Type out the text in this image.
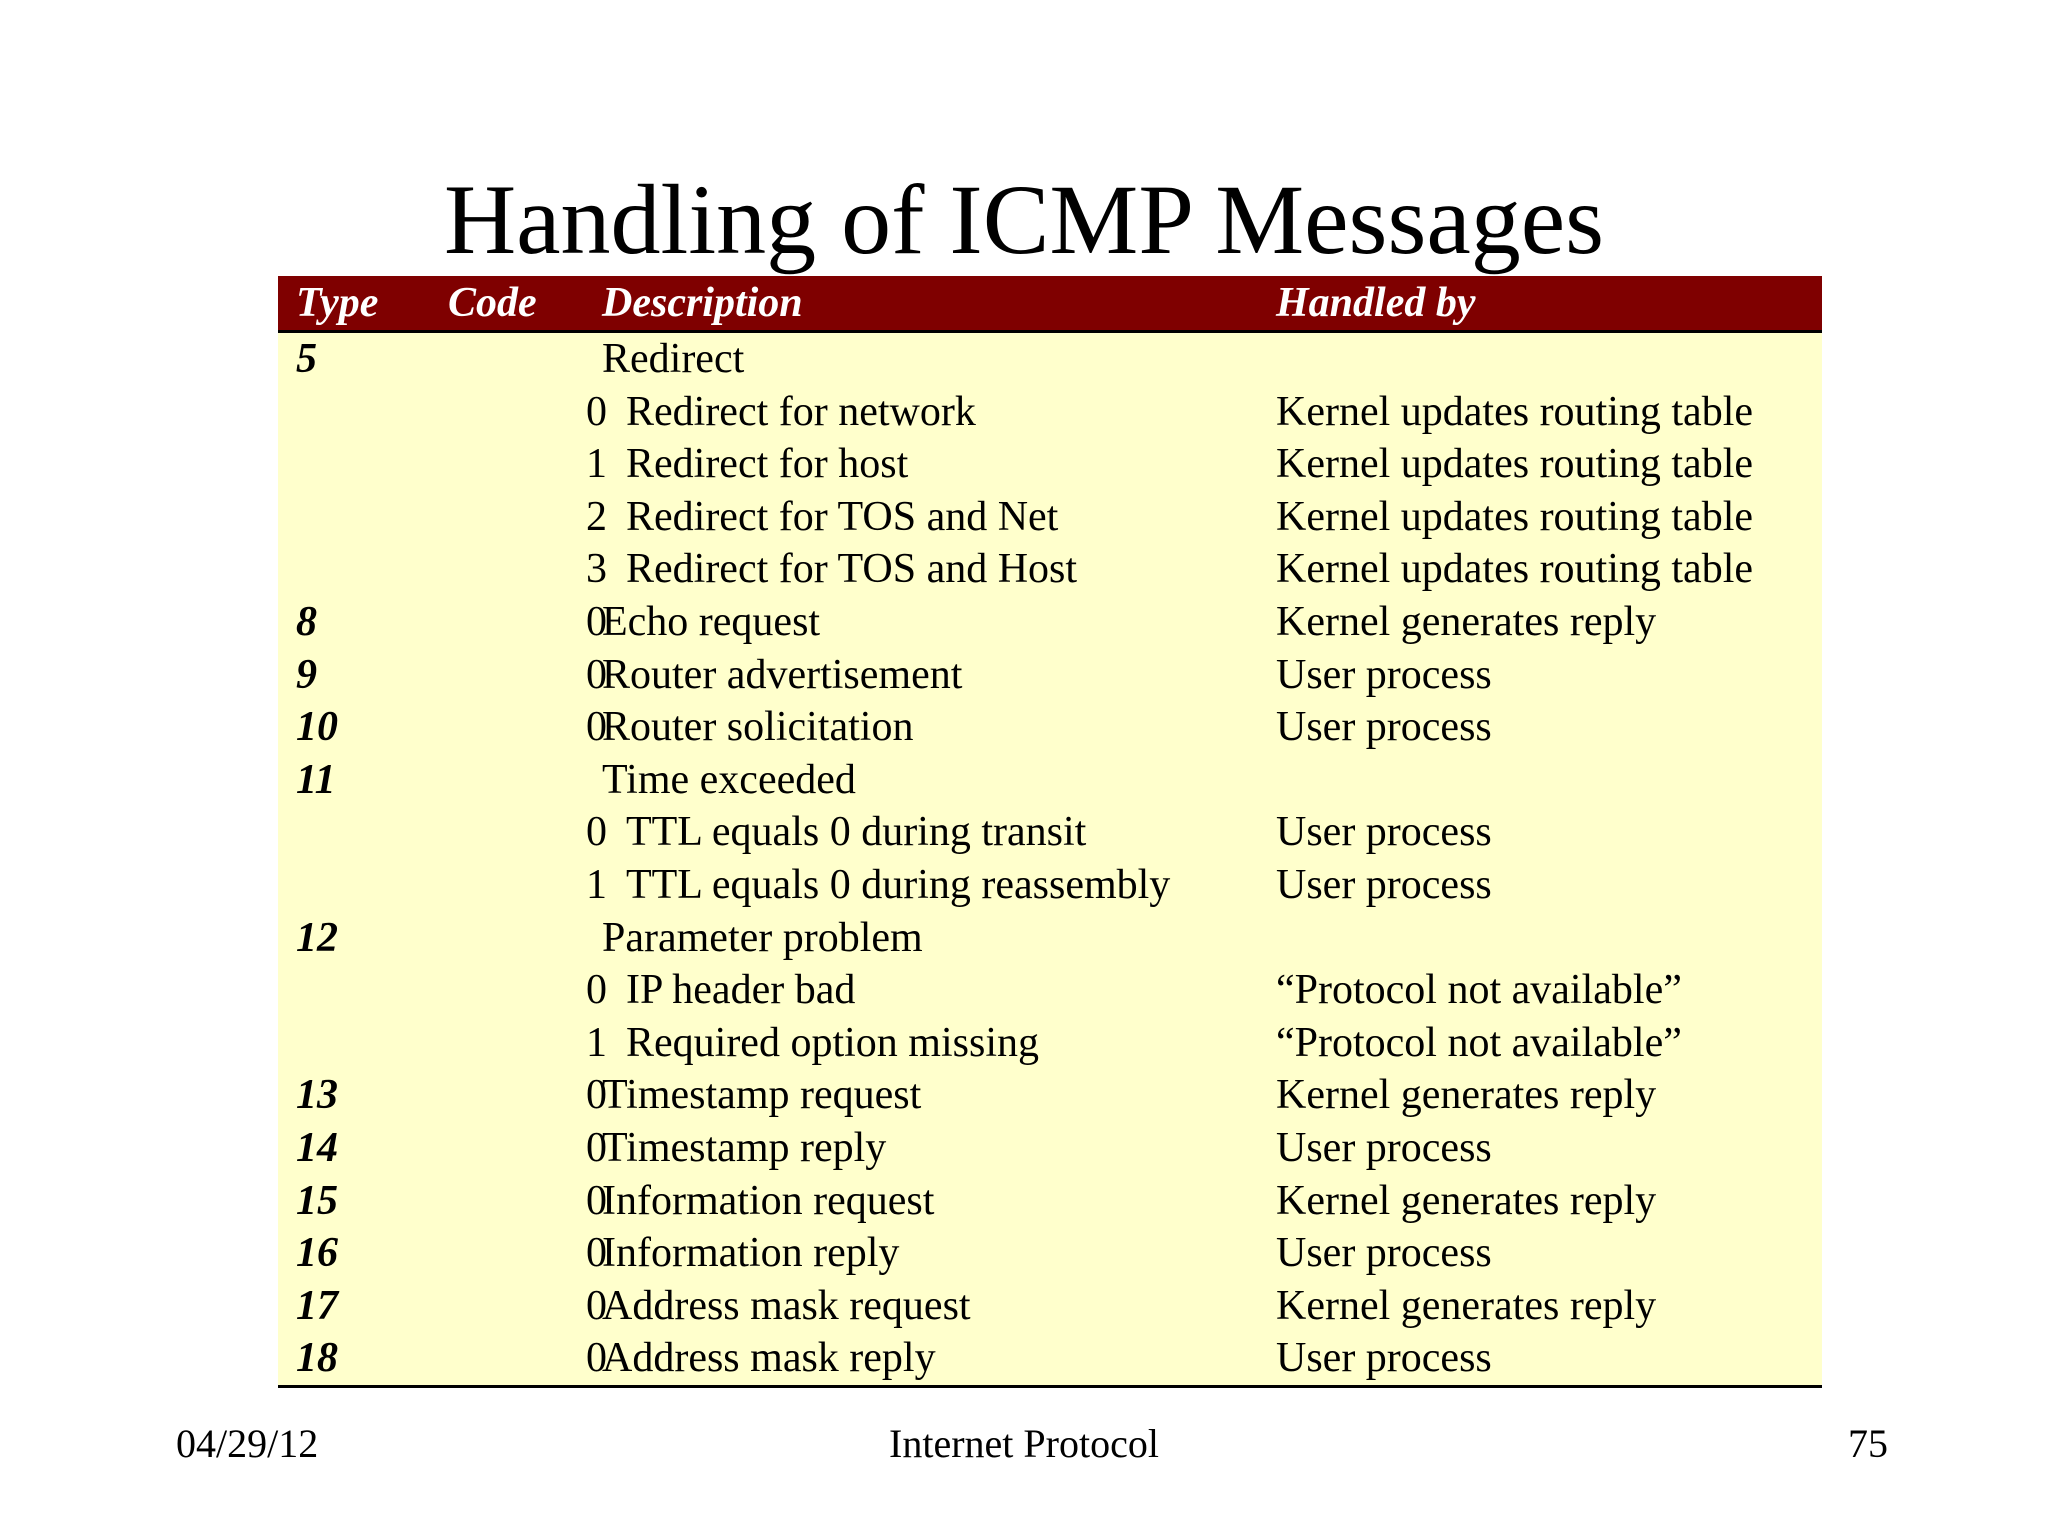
Handling of ICMP Messages
Type	Code	Description	Handled by

5		Redirect	
	0	Redirect for network	Kernel updates routing table
	1	Redirect for host	Kernel updates routing table
	2	Redirect for TOS and Net	Kernel updates routing table
	3	Redirect for TOS and Host	Kernel updates routing table
8	0	Echo request	Kernel generates reply
9	0	Router advertisement	User process
10	0	Router solicitation	User process
11		Time exceeded	
	0	TTL equals 0 during transit	User process
	1	TTL equals 0 during reassembly	User process
12		Parameter problem	
	0	IP header bad	“Protocol not available”
	1	Required option missing	“Protocol not available”
13	0	Timestamp request	Kernel generates reply
14	0	Timestamp reply	User process
15	0	Information request	Kernel generates reply
16	0	Information reply	User process
17	0	Address mask request	Kernel generates reply
18	0	Address mask reply	User process
04/29/12	Internet Protocol	75
